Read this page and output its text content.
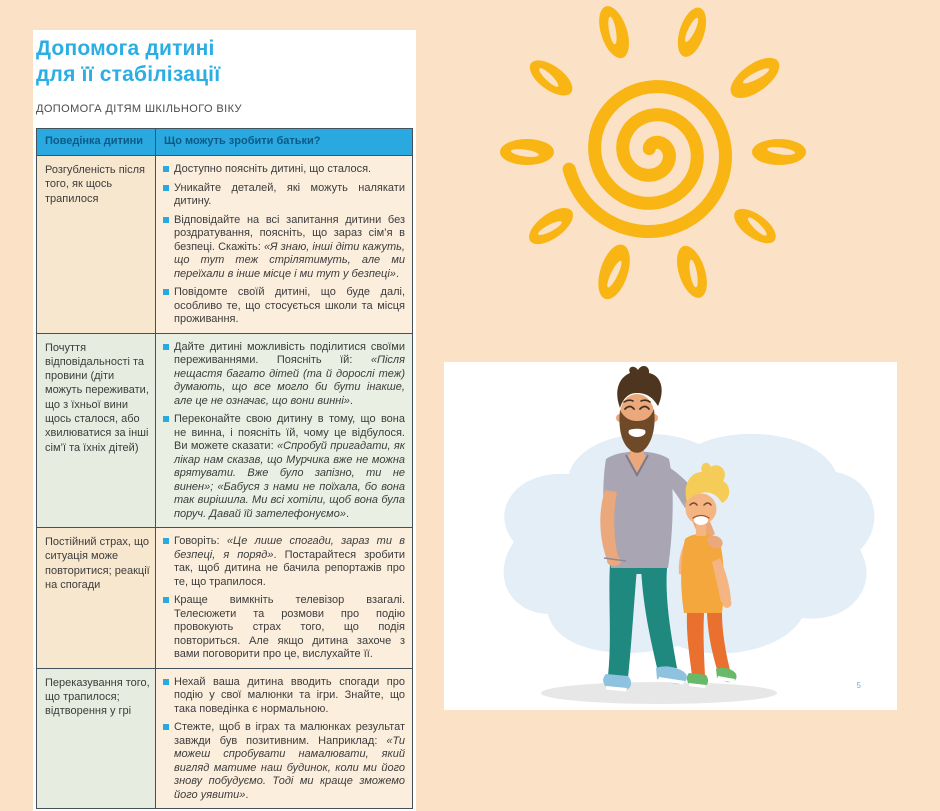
Допомога дитині
для її стабілізації
ДОПОМОГА ДІТЯМ ШКІЛЬНОГО ВІКУ
Поведінка дитини	Що можуть зробити батьки?
Розгубленість після того, як щось трапилося	Доступно поясніть дитині, що сталося.
Уникайте деталей, які можуть налякати дитину.
Відповідайте на всі запитання дитини без роздратування, поясніть, що зараз сім’я в безпеці. Скажіть: «Я знаю, інші діти кажуть, що тут теж стрілятимуть, але ми переїхали в інше місце і ми тут у безпеці».
Повідомте своїй дитині, що буде далі, особливо те, що стосується школи та місця проживання.

Почуття відповідальності та провини (діти можуть переживати, що з їхньої вини щось сталося, або хвилюватися за інші сім’ї та їхніх дітей)	Дайте дитині можливість поділитися своїми переживаннями. Поясніть їй: «Після нещастя багато дітей (та й дорослі теж) думають, що все могло би бути інакше, але це не означає, що вони винні».
Переконайте свою дитину в тому, що вона не винна, і поясніть їй, чому це відбулося. Ви можете сказати: «Спробуй пригадати, як лікар нам сказав, що Мурчика вже не можна врятувати. Вже було запізно, ти не винен»; «Бабуся з нами не поїхала, бо вона так вирішила. Ми всі хотіли, щоб вона була поруч. Давай їй зателефонуємо».

Постійний страх, що ситуація може повторитися; реакції на спогади	Говоріть: «Це лише спогади, зараз ти в безпеці, я поряд». Постарайтеся зробити так, щоб дитина не бачила репортажів про те, що трапилося.
Краще вимкніть телевізор взагалі. Телесюжети та розмови про подію провокують страх того, що подія повториться. Але якщо дитина захоче з вами поговорити про це, вислухайте її.

Переказування того, що трапилося; відтворення у грі	Нехай ваша дитина вводить спогади про подію у свої малюнки та ігри. Знайте, що така поведінка є нормальною.
Стежте, щоб в іграх та малюнках результат завжди був позитивним. Наприклад: «Ти можеш спробувати намалювати, який вигляд матиме наш будинок, коли ми його знову побудуємо. Тоді ми краще зможемо його уявити».
5
